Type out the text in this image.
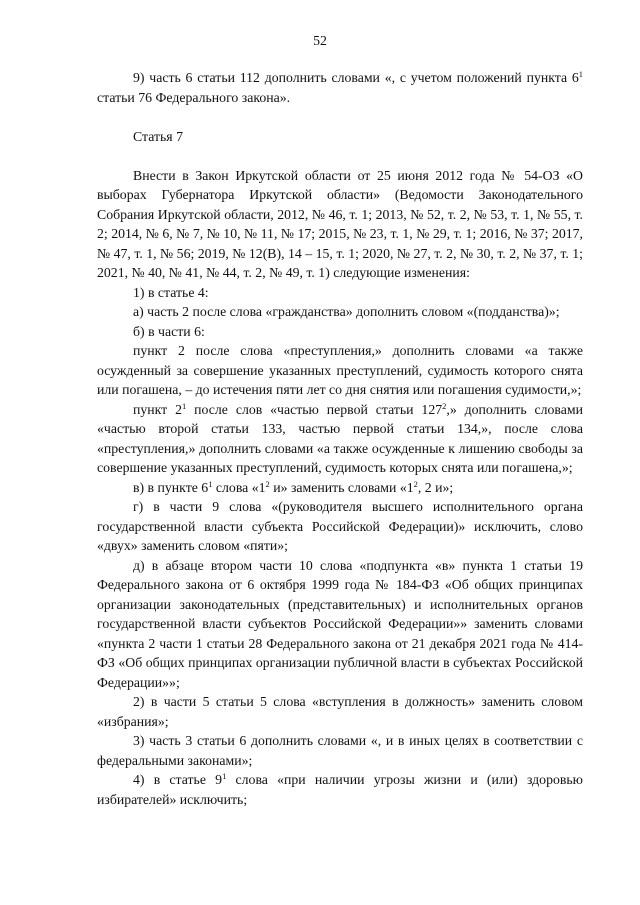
52

9) часть 6 статьи 112 дополнить словами «, с учетом положений пункта $6^1$ статьи 76 Федерального закона».

Статья 7

Внести в Закон Иркутской области от 25 июня 2012 года № 54-ОЗ «О выборах Губернатора Иркутской области» (Ведомости Законодательного Собрания Иркутской области, 2012, № 46, т. 1; 2013, № 52, т. 2, № 53, т. 1, № 55, т. 2; 2014, № 6, № 7, № 10, № 11, № 17; 2015, № 23, т. 1, № 29, т. 1; 2016, № 37; 2017, № 47, т. 1, № 56; 2019, № 12(В), 14 – 15, т. 1; 2020, № 27, т. 2, № 30, т. 2, № 37, т. 1; 2021, № 40, № 41, № 44, т. 2, № 49, т. 1) следующие изменения:

1) в статье 4:

а) часть 2 после слова «гражданства» дополнить словом «(подданства)»;

б) в части 6:

пункт 2 после слова «преступления,» дополнить словами «а также осужденный за совершение указанных преступлений, судимость которого снята или погашена, – до истечения пяти лет со дня снятия или погашения судимости,»;

пункт $2^1$ после слов «частью первой статьи $127^2$,» дополнить словами «частью второй статьи 133, частью первой статьи 134,», после слова «преступления,» дополнить словами «а также осужденные к лишению свободы за совершение указанных преступлений, судимость которых снята или погашена,»;

в) в пункте $6^1$ слова «$1^2$ и» заменить словами «$1^2$, 2 и»;

г) в части 9 слова «(руководителя высшего исполнительного органа государственной власти субъекта Российской Федерации)» исключить, слово «двух» заменить словом «пяти»;

д) в абзаце втором части 10 слова «подпункта «в» пункта 1 статьи 19 Федерального закона от 6 октября 1999 года № 184-ФЗ «Об общих принципах организации законодательных (представительных) и исполнительных органов государственной власти субъектов Российской Федерации»» заменить словами «пункта 2 части 1 статьи 28 Федерального закона от 21 декабря 2021 года № 414-ФЗ «Об общих принципах организации публичной власти в субъектах Российской Федерации»»;

2) в части 5 статьи 5 слова «вступления в должность» заменить словом «избрания»;

3) часть 3 статьи 6 дополнить словами «, и в иных целях в соответствии с федеральными законами»;

4) в статье $9^1$ слова «при наличии угрозы жизни и (или) здоровью избирателей» исключить;
